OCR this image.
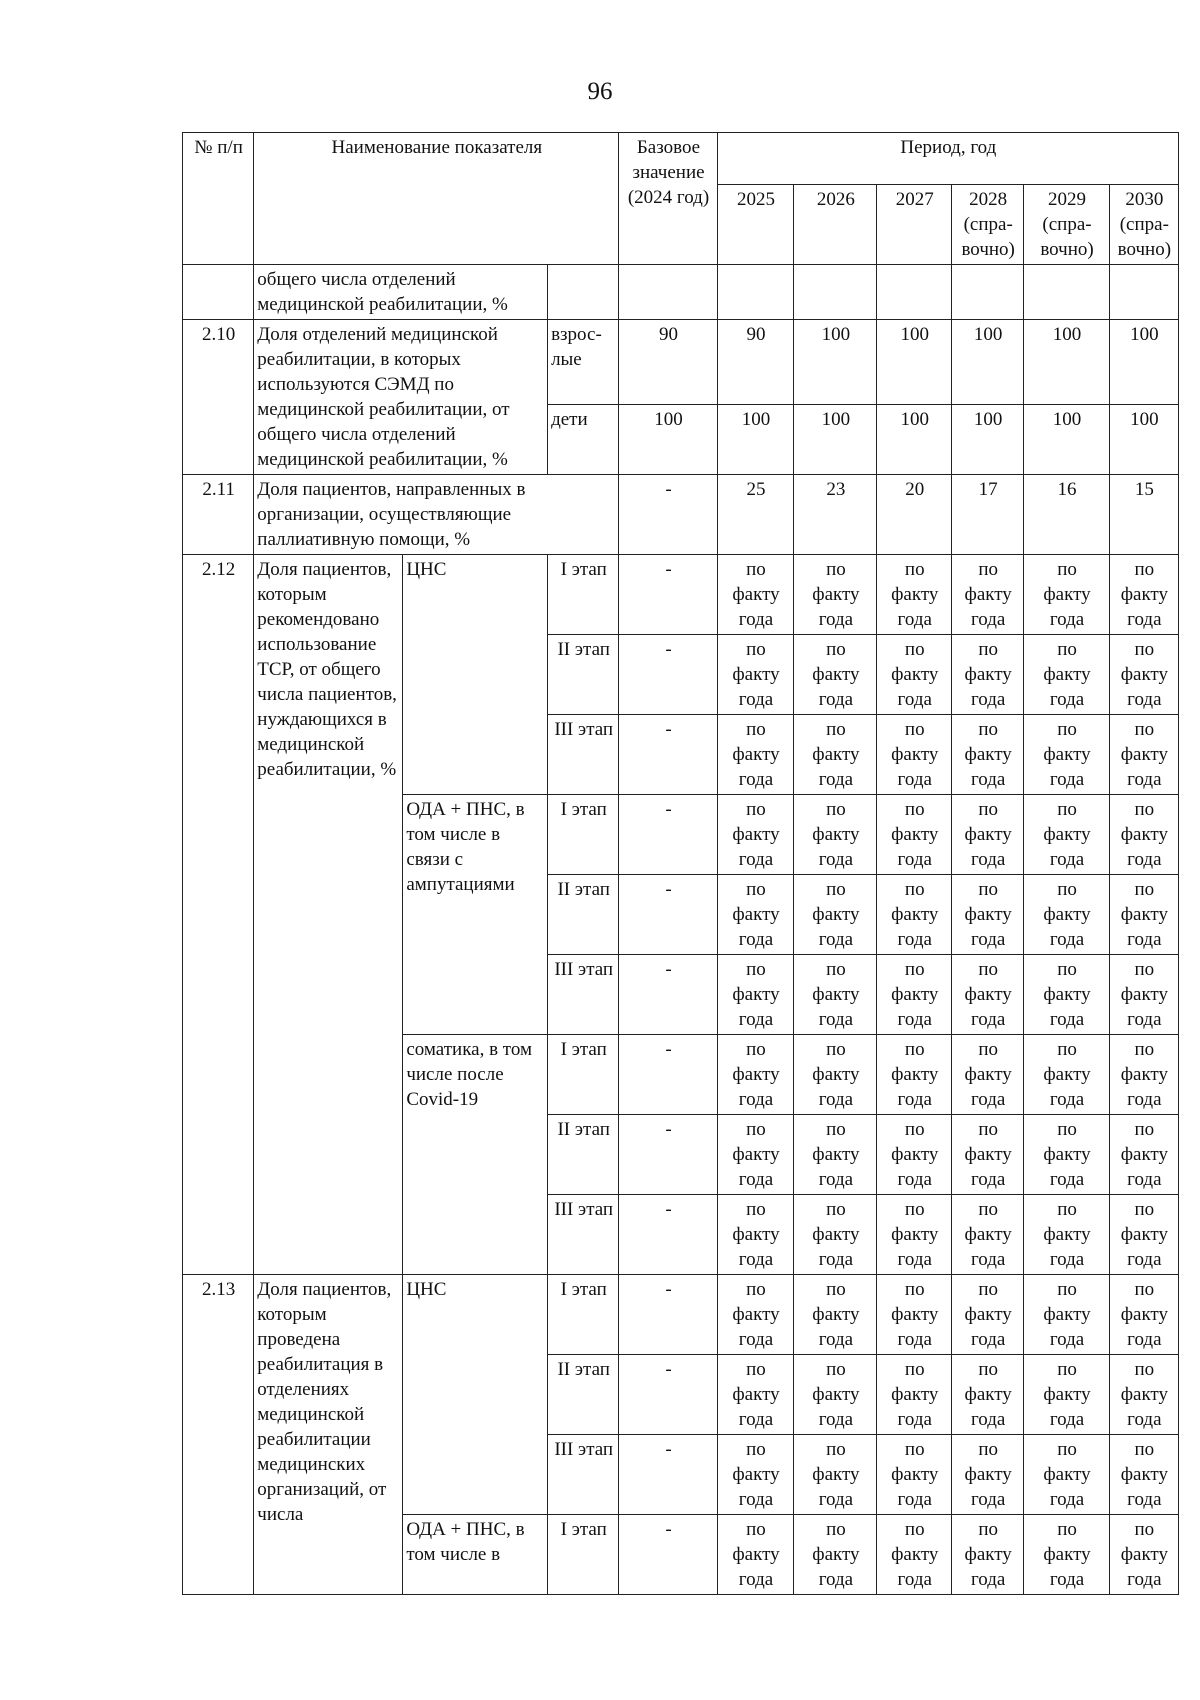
96
№ п/п	Наименование показателя			Базовое значение (2024 год)	Период, год					
					2025	2026	2027	2028 (спра-вочно)	2029 (спра-вочно)	2030 (спра-вочно)
	общего числа отделений медицинской реабилитации, %									
2.10	Доля отделений медицинской реабилитации, в которых используются СЭМД по медицинской реабилитации, от общего числа отделений медицинской реабилитации, %		взрос-лые	90	90	100	100	100	100	100
			дети	100	100	100	100	100	100	100
2.11	Доля пациентов, направленных в организации, осуществляющие паллиативную помощи, %			-	25	23	20	17	16	15
2.12	Доля пациентов, которым рекомендовано использование ТСР, от общего числа пациентов, нуждающихся в медицинской реабилитации, %	ЦНС	I этап	-	по
факту
года	по
факту
года	по
факту
года	по
факту
года	по
факту
года	по
факту
года

			II этап	-	по
факту
года	по
факту
года	по
факту
года	по
факту
года	по
факту
года	по
факту
года

			III этап	-	по
факту
года	по
факту
года	по
факту
года	по
факту
года	по
факту
года	по
факту
года

		ОДА + ПНС, в том числе в связи с ампутациями	I этап	-	по
факту
года	по
факту
года	по
факту
года	по
факту
года	по
факту
года	по
факту
года

			II этап	-	по
факту
года	по
факту
года	по
факту
года	по
факту
года	по
факту
года	по
факту
года

			III этап	-	по
факту
года	по
факту
года	по
факту
года	по
факту
года	по
факту
года	по
факту
года

		соматика, в том числе после Covid-19	I этап	-	по
факту
года	по
факту
года	по
факту
года	по
факту
года	по
факту
года	по
факту
года

			II этап	-	по
факту
года	по
факту
года	по
факту
года	по
факту
года	по
факту
года	по
факту
года

			III этап	-	по
факту
года	по
факту
года	по
факту
года	по
факту
года	по
факту
года	по
факту
года

2.13	Доля пациентов, которым проведена реабилитация в отделениях медицинской реабилитации медицинских организаций, от числа	ЦНС	I этап	-	по
факту
года	по
факту
года	по
факту
года	по
факту
года	по
факту
года	по
факту
года

			II этап	-	по
факту
года	по
факту
года	по
факту
года	по
факту
года	по
факту
года	по
факту
года

			III этап	-	по
факту
года	по
факту
года	по
факту
года	по
факту
года	по
факту
года	по
факту
года

		ОДА + ПНС, в том числе в	I этап	-	по
факту
года	по
факту
года	по
факту
года	по
факту
года	по
факту
года	по
факту
года
